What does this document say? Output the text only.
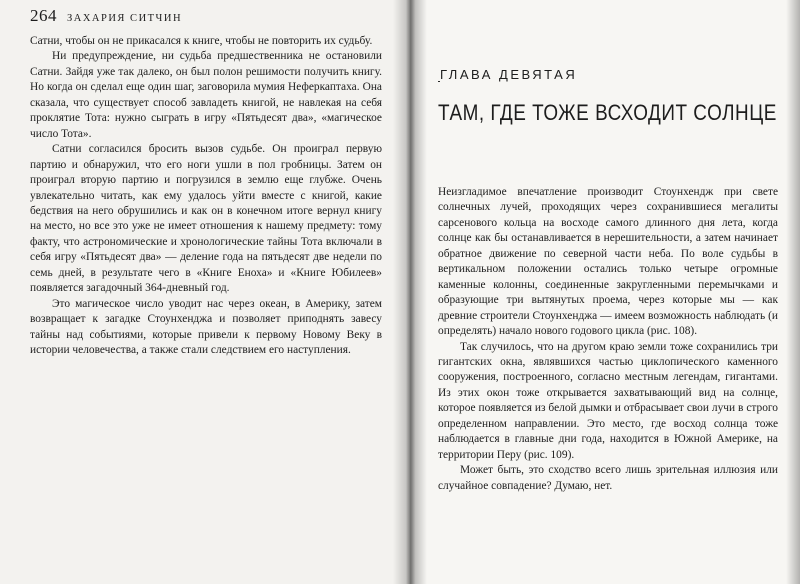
264 ЗАХАРИЯ СИТЧИН

Сатни, чтобы он не прикасался к книге, чтобы не повторить их судьбу.

Ни предупреждение, ни судьба предшественника не остановили Сатни. Зайдя уже так далеко, он был полон решимости получить книгу. Но когда он сделал еще один шаг, заговорила мумия Неферкаптаха. Она сказала, что существует способ завладеть книгой, не навлекая на себя проклятие Тота: нужно сыграть в игру «Пятьдесят два», «магическое число Тота».

Сатни согласился бросить вызов судьбе. Он проиграл первую партию и обнаружил, что его ноги ушли в пол гробницы. Затем он проиграл вторую партию и погрузился в землю еще глубже. Очень увлекательно читать, как ему удалось уйти вместе с книгой, какие бедствия на него обрушились и как он в конечном итоге вернул книгу на место, но все это уже не имеет отношения к нашему предмету: тому факту, что астрономические и хронологические тайны Тота включали в себя игру «Пятьдесят два» — деление года на пятьдесят две недели по семь дней, в результате чего в «Книге Еноха» и «Книге Юбилеев» появляется загадочный 364-дневный год.

Это магическое число уводит нас через океан, в Америку, затем возвращает к загадке Стоунхенджа и позволяет приподнять завесу тайны над событиями, которые привели к первому Новому Веку в истории человечества, а также стали следствием его наступления.

ГЛАВА ДЕВЯТАЯ
ТАМ, ГДЕ ТОЖЕ ВСХОДИТ СОЛНЦЕ

Неизгладимое впечатление производит Стоунхендж при свете солнечных лучей, проходящих через сохранившиеся мегалиты сарсенового кольца на восходе самого длинного дня лета, когда солнце как бы останавливается в нерешительности, а затем начинает обратное движение по северной части неба. По воле судьбы в вертикальном положении остались только четыре огромные каменные колонны, соединенные закругленными перемычками и образующие три вытянутых проема, через которые мы — как древние строители Стоунхенджа — имеем возможность наблюдать (и определять) начало нового годового цикла (рис. 108).

Так случилось, что на другом краю земли тоже сохранились три гигантских окна, являвшихся частью циклопического каменного сооружения, построенного, согласно местным легендам, гигантами. Из этих окон тоже открывается захватывающий вид на солнце, которое появляется из белой дымки и отбрасывает свои лучи в строго определенном направлении. Это место, где восход солнца тоже наблюдается в главные дни года, находится в Южной Америке, на территории Перу (рис. 109).

Может быть, это сходство всего лишь зрительная иллюзия или случайное совпадение? Думаю, нет.
